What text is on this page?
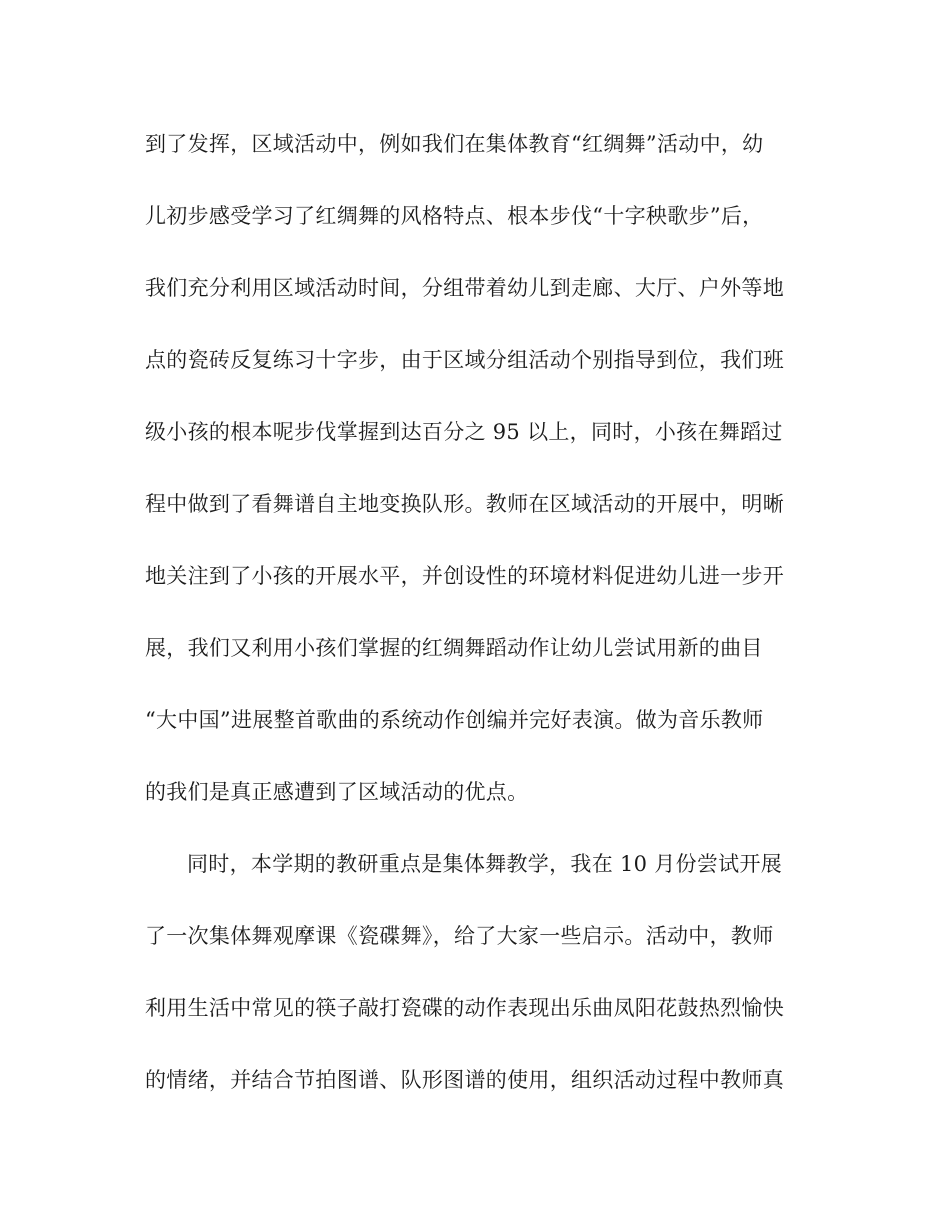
到了发挥，区域活动中，例如我们在集体教育“红绸舞”活动中，幼
儿初步感受学习了红绸舞的风格特点、根本步伐“十字秧歌步”后，
我们充分利用区域活动时间，分组带着幼儿到走廊、大厅、户外等地
点的瓷砖反复练习十字步，由于区域分组活动个别指导到位，我们班
级小孩的根本呢步伐掌握到达百分之 95 以上，同时，小孩在舞蹈过
程中做到了看舞谱自主地变换队形。教师在区域活动的开展中，明晰
地关注到了小孩的开展水平，并创设性的环境材料促进幼儿进一步开
展，我们又利用小孩们掌握的红绸舞蹈动作让幼儿尝试用新的曲目
“大中国”进展整首歌曲的系统动作创编并完好表演。做为音乐教师
的我们是真正感遭到了区域活动的优点。
同时，本学期的教研重点是集体舞教学，我在 10 月份尝试开展
了一次集体舞观摩课《瓷碟舞》，给了大家一些启示。活动中，教师
利用生活中常见的筷子敲打瓷碟的动作表现出乐曲凤阳花鼓热烈愉快
的情绪，并结合节拍图谱、队形图谱的使用，组织活动过程中教师真
